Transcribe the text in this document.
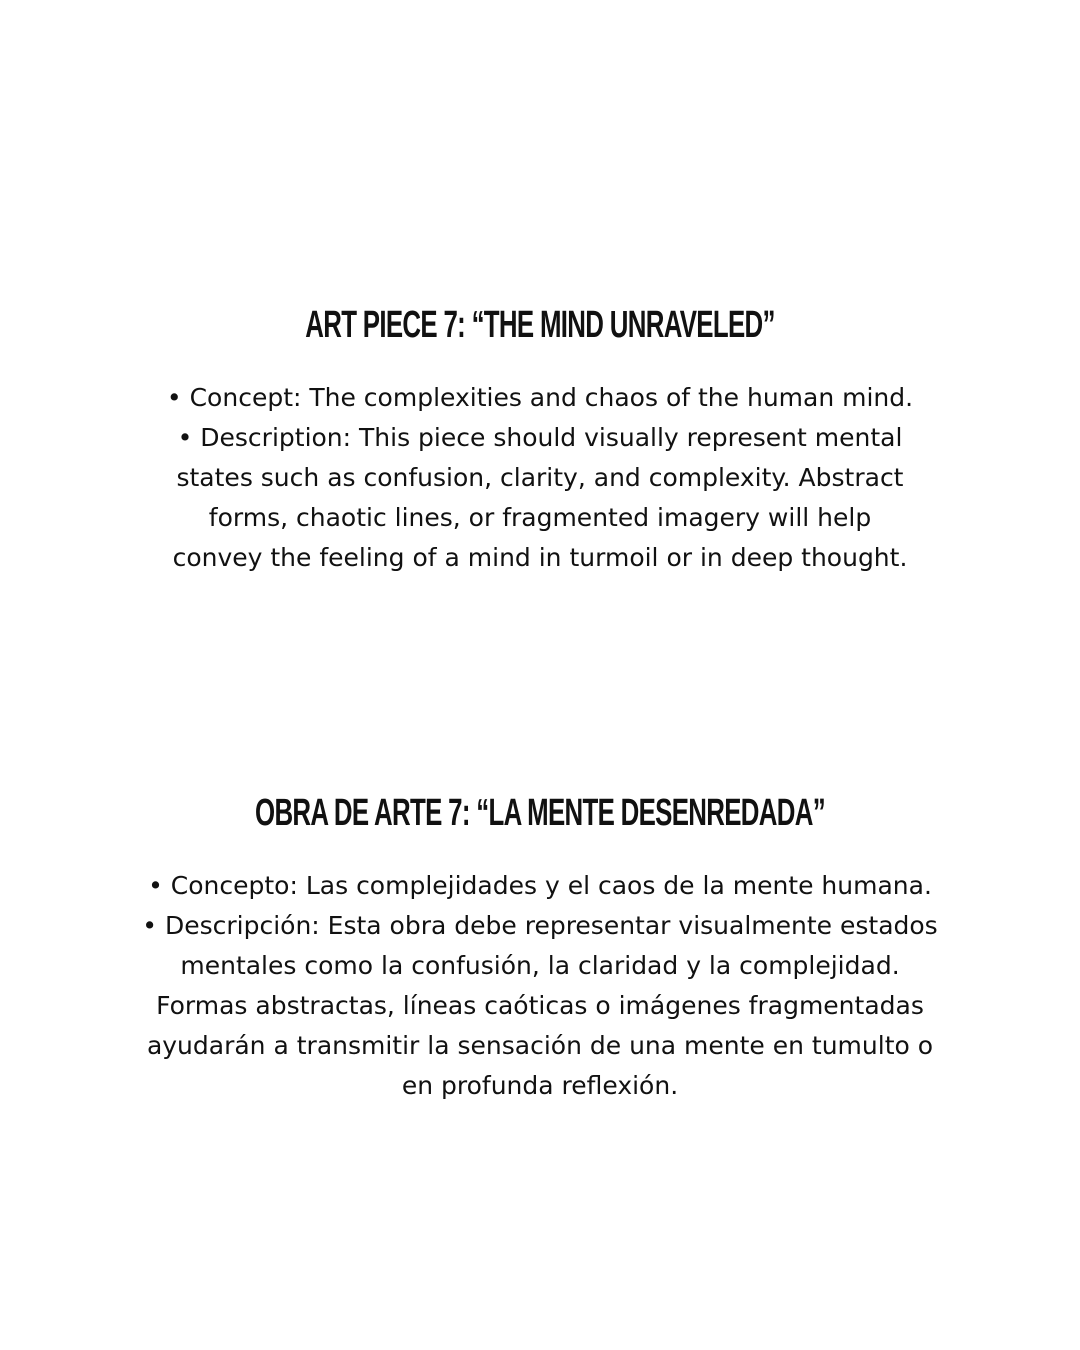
ART PIECE 7: “THE MIND UNRAVELED”
• Concept: The complexities and chaos of the human mind.
• Description: This piece should visually represent mental states such as confusion, clarity, and complexity. Abstract forms, chaotic lines, or fragmented imagery will help convey the feeling of a mind in turmoil or in deep thought.
OBRA DE ARTE 7: “LA MENTE DESENREDADA”
• Concepto: Las complejidades y el caos de la mente humana.
• Descripción: Esta obra debe representar visualmente estados mentales como la confusión, la claridad y la complejidad. Formas abstractas, líneas caóticas o imágenes fragmentadas ayudarán a transmitir la sensación de una mente en tumulto o en profunda reflexión.
